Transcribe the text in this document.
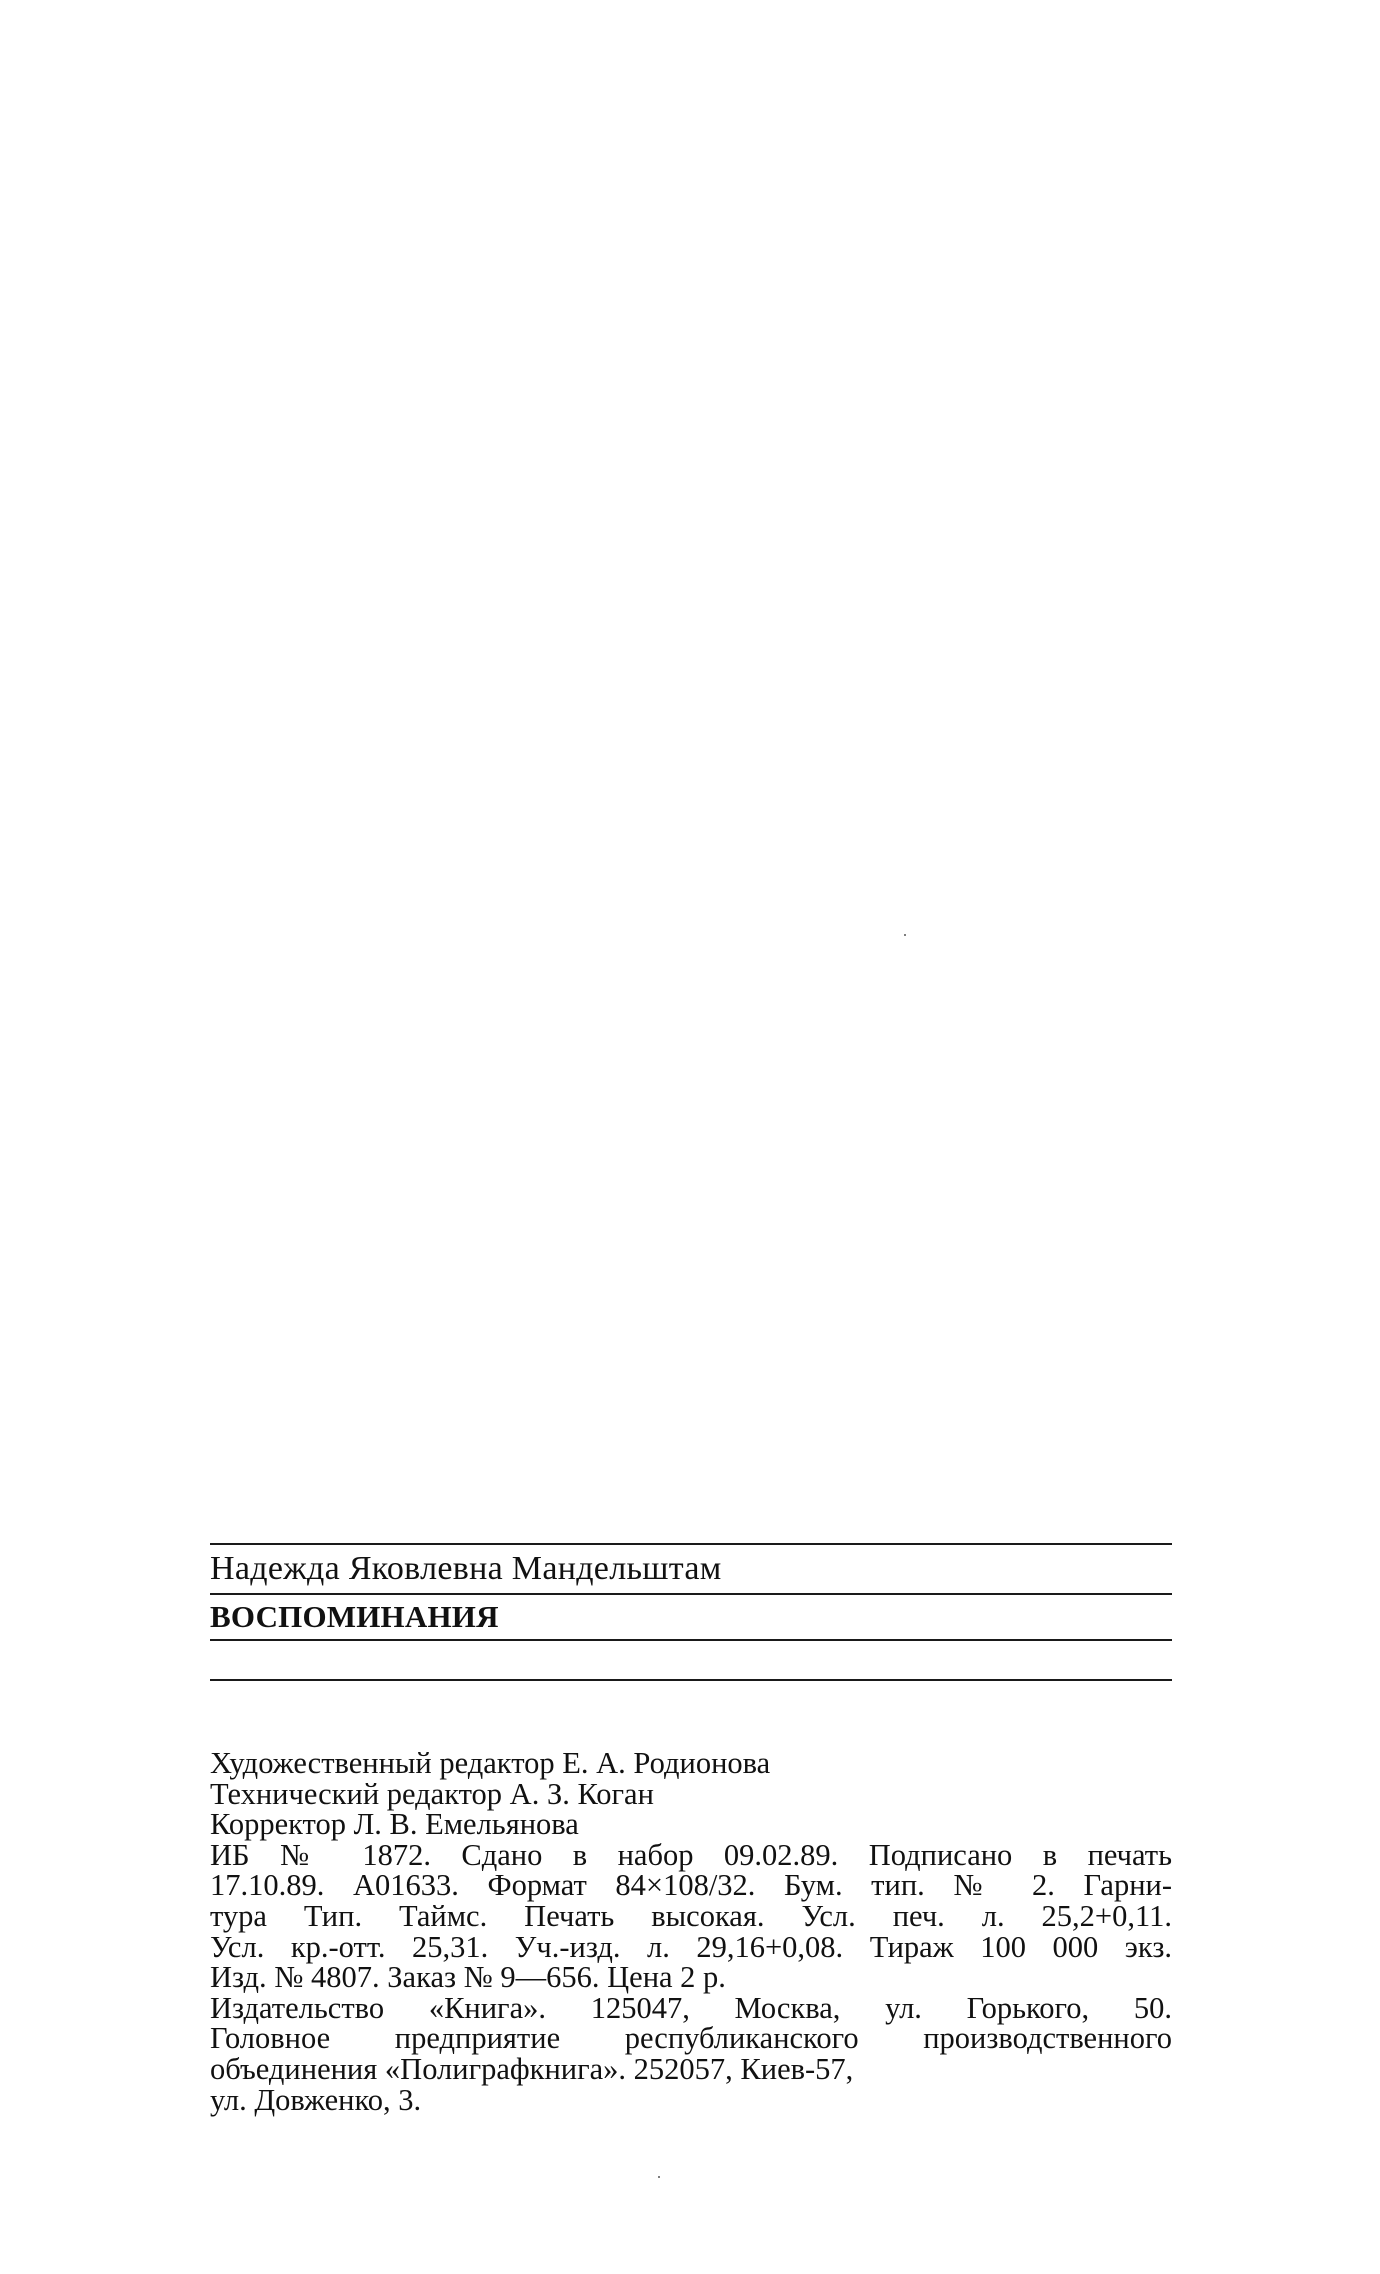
Надежда Яковлевна Мандельштам
ВОСПОМИНАНИЯ
Художественный редактор Е. А. Родионова
Технический редактор А. З. Коган
Корректор Л. В. Емельянова
ИБ № 1872. Сдано в набор 09.02.89. Подписано в печать
17.10.89. А01633. Формат 84×108/32. Бум. тип. № 2. Гарни-
тура Тип. Таймс. Печать высокая. Усл. печ. л. 25,2+0,11.
Усл. кр.-отт. 25,31. Уч.-изд. л. 29,16+0,08. Тираж 100 000 экз.
Изд. № 4807. Заказ № 9—656. Цена 2 р.
Издательство «Книга». 125047, Москва, ул. Горького, 50.
Головное предприятие республиканского производственного
объединения «Полиграфкнига». 252057, Киев-57,
ул. Довженко, 3.
